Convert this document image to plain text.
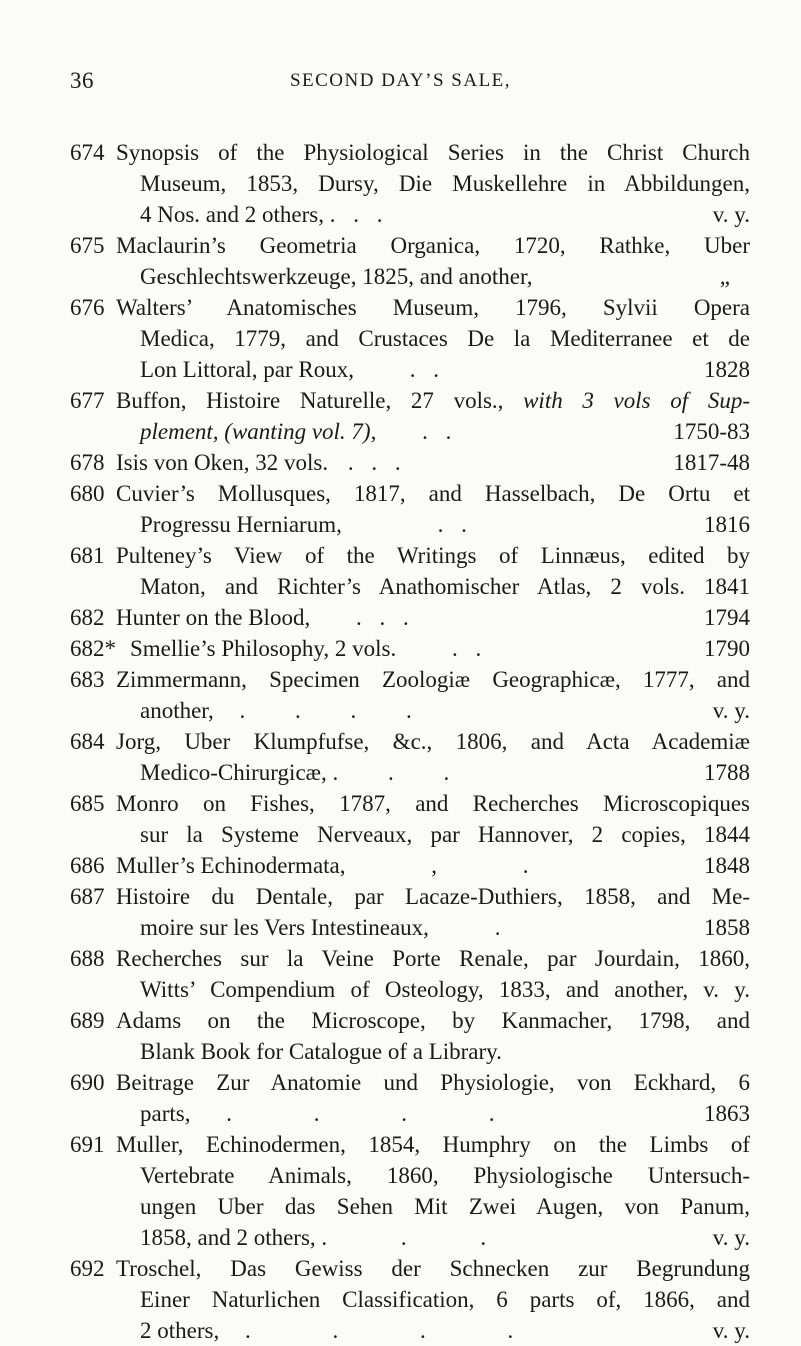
36	SECOND DAY’S SALE,
674 Synopsis of the Physiological Series in the Christ Church
Museum, 1853, Dursy, Die Muskellehre in Abbildungen,
4 Nos. and 2 others, . . .	v. y.
675 Maclaurin’s Geometria Organica, 1720, Rathke, Uber
Geschlechtswerkzeuge, 1825, and another,	„
676 Walters’ Anatomisches Museum, 1796, Sylvii Opera
Medica, 1779, and Crustaces De la Mediterranee et de
Lon Littoral, par Roux, . .	1828
677 Buffon, Histoire Naturelle, 27 vols., with 3 vols of Sup-
plement, (wanting vol. 7), . .	1750-83
678 Isis von Oken, 32 vols. . . .	1817-48
680 Cuvier’s Mollusques, 1817, and Hasselbach, De Ortu et
Progressu Herniarum,	. .	1816
681 Pulteney’s View of the Writings of Linnæus, edited by
Maton, and Richter’s Anathomischer Atlas, 2 vols. 1841
682 Hunter on the Blood, . . .	1794
682* Smellie’s Philosophy, 2 vols. . .	1790
683 Zimmermann, Specimen Zoologiæ Geographicæ, 1777, and
another, . . . .	v. y.
684 Jorg, Uber Klumpfufse, &c., 1806, and Acta Academiæ
Medico-Chirurgicæ, . . .	1788
685 Monro on Fishes, 1787, and Recherches Microscopiques
sur la Systeme Nerveaux, par Hannover, 2 copies, 1844
686 Muller’s Echinodermata,	, .	1848
687 Histoire du Dentale, par Lacaze-Duthiers, 1858, and Me-
moire sur les Vers Intestineaux,	.	1858
688 Recherches sur la Veine Porte Renale, par Jourdain, 1860,
Witts’ Compendium of Osteology, 1833, and another, v. y.
689 Adams on the Microscope, by Kanmacher, 1798, and
Blank Book for Catalogue of a Library.
690 Beitrage Zur Anatomie und Physiologie, von Eckhard, 6
parts, . . . .	1863
691 Muller, Echinodermen, 1854, Humphry on the Limbs of
Vertebrate Animals, 1860, Physiologische Untersuch-
ungen Uber das Sehen Mit Zwei Augen, von Panum,
1858, and 2 others, . . .	v. y.
692 Troschel, Das Gewiss der Schnecken zur Begrundung
Einer Naturlichen Classification, 6 parts of, 1866, and
2 others, . . . .	v. y.
